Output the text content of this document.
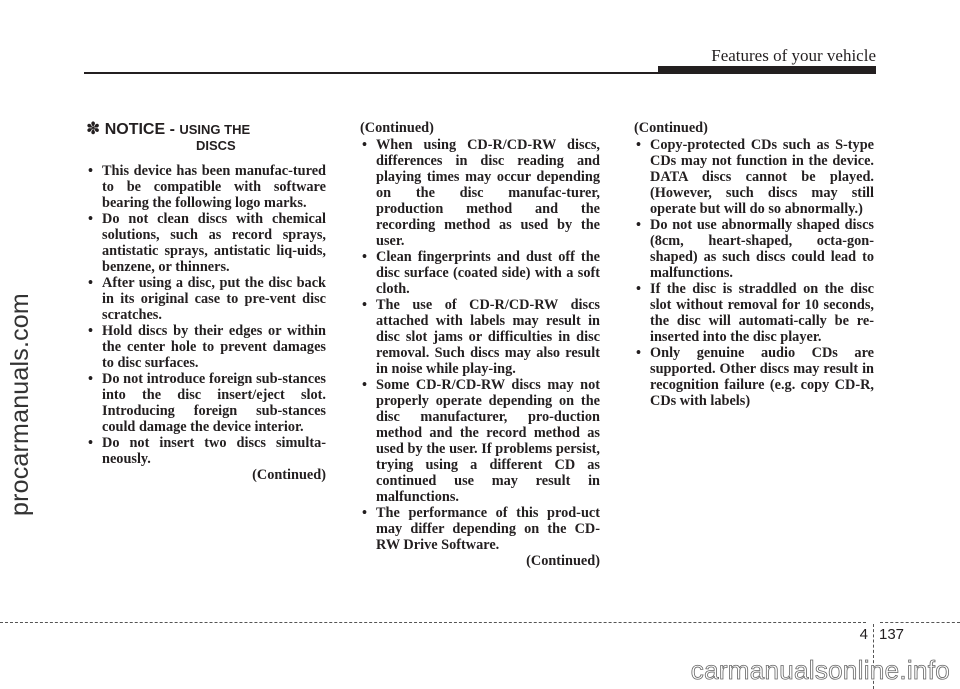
procarmanuals.com
Features of your vehicle
✽ NOTICE - USING THE
DISCS
• This device has been manufac-tured to be compatible with software bearing the following logo marks.
• Do not clean discs with chemical solutions, such as record sprays, antistatic sprays, antistatic liq-uids, benzene, or thinners.
• After using a disc, put the disc back in its original case to pre-vent disc scratches.
• Hold discs by their edges or within the center hole to prevent damages to disc surfaces.
• Do not introduce foreign sub-stances into the disc insert/eject slot. Introducing foreign sub-stances could damage the device interior.
• Do not insert two discs simulta-neously.
(Continued)
(Continued)
• When using CD-R/CD-RW discs, differences in disc reading and playing times may occur depending on the disc manufac-turer, production method and the recording method as used by the user.
• Clean fingerprints and dust off the disc surface (coated side) with a soft cloth.
• The use of CD-R/CD-RW discs attached with labels may result in disc slot jams or difficulties in disc removal. Such discs may also result in noise while play-ing.
• Some CD-R/CD-RW discs may not properly operate depending on the disc manufacturer, pro-duction method and the record method as used by the user. If problems persist, trying using a different CD as continued use may result in malfunctions.
• The performance of this prod-uct may differ depending on the CD-RW Drive Software.
(Continued)
(Continued)
• Copy-protected CDs such as S-type CDs may not function in the device. DATA discs cannot be played. (However, such discs may still operate but will do so abnormally.)
• Do not use abnormally shaped discs (8cm, heart-shaped, octa-gon-shaped) as such discs could lead to malfunctions.
• If the disc is straddled on the disc slot without removal for 10 seconds, the disc will automati-cally be re-inserted into the disc player.
• Only genuine audio CDs are supported. Other discs may result in recognition failure (e.g. copy CD-R, CDs with labels)
4 137
carmanualsonline.info
